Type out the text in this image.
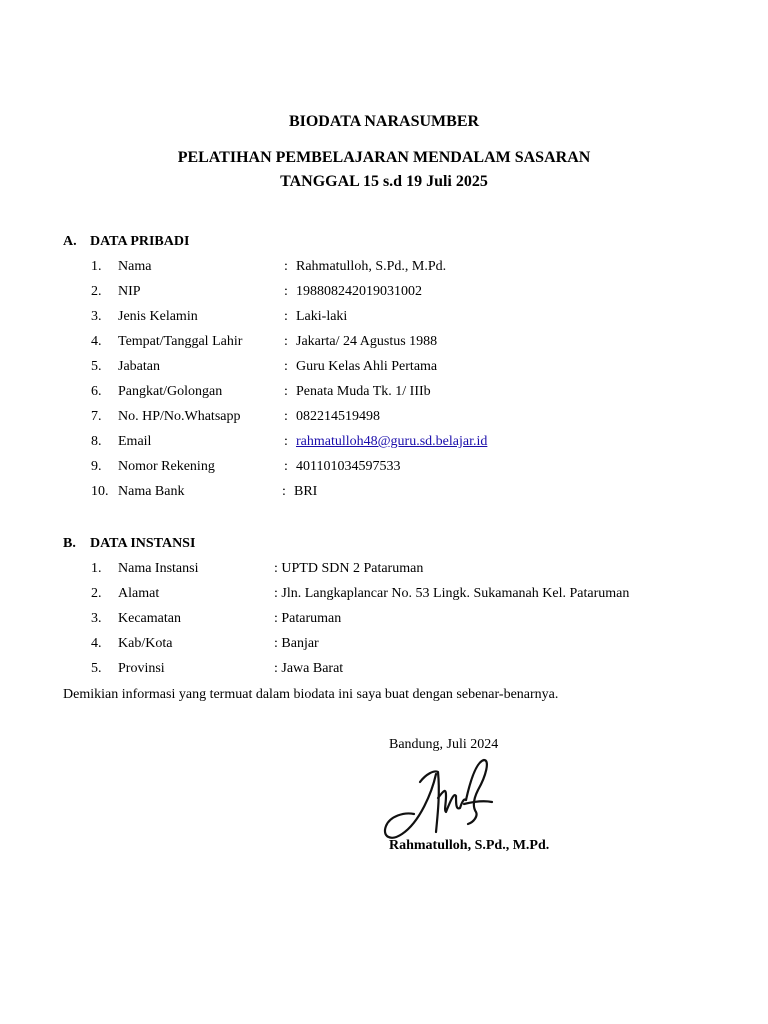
BIODATA NARASUMBER
PELATIHAN PEMBELAJARAN MENDALAM SASARAN
TANGGAL 15 s.d 19 Juli 2025
A. DATA PRIBADI
1. Nama	: Rahmatulloh, S.Pd., M.Pd.
2. NIP	: 198808242019031002
3. Jenis Kelamin	: Laki-laki
4. Tempat/Tanggal Lahir	: Jakarta/ 24 Agustus 1988
5. Jabatan	: Guru Kelas Ahli Pertama
6. Pangkat/Golongan	: Penata Muda Tk. 1/ IIIb
7. No. HP/No.Whatsapp	: 082214519498
8. Email	: rahmatulloh48@guru.sd.belajar.id
9. Nomor Rekening	: 401101034597533
10. Nama Bank	: BRI
B. DATA INSTANSI
1. Nama Instansi	: UPTD SDN 2 Pataruman
2. Alamat	: Jln. Langkaplancar No. 53 Lingk. Sukamanah Kel. Pataruman
3. Kecamatan	: Pataruman
4. Kab/Kota	: Banjar
5. Provinsi	: Jawa Barat
Demikian informasi yang termuat dalam biodata ini saya buat dengan sebenar-benarnya.
Bandung, Juli 2024
Rahmatulloh, S.Pd., M.Pd.
